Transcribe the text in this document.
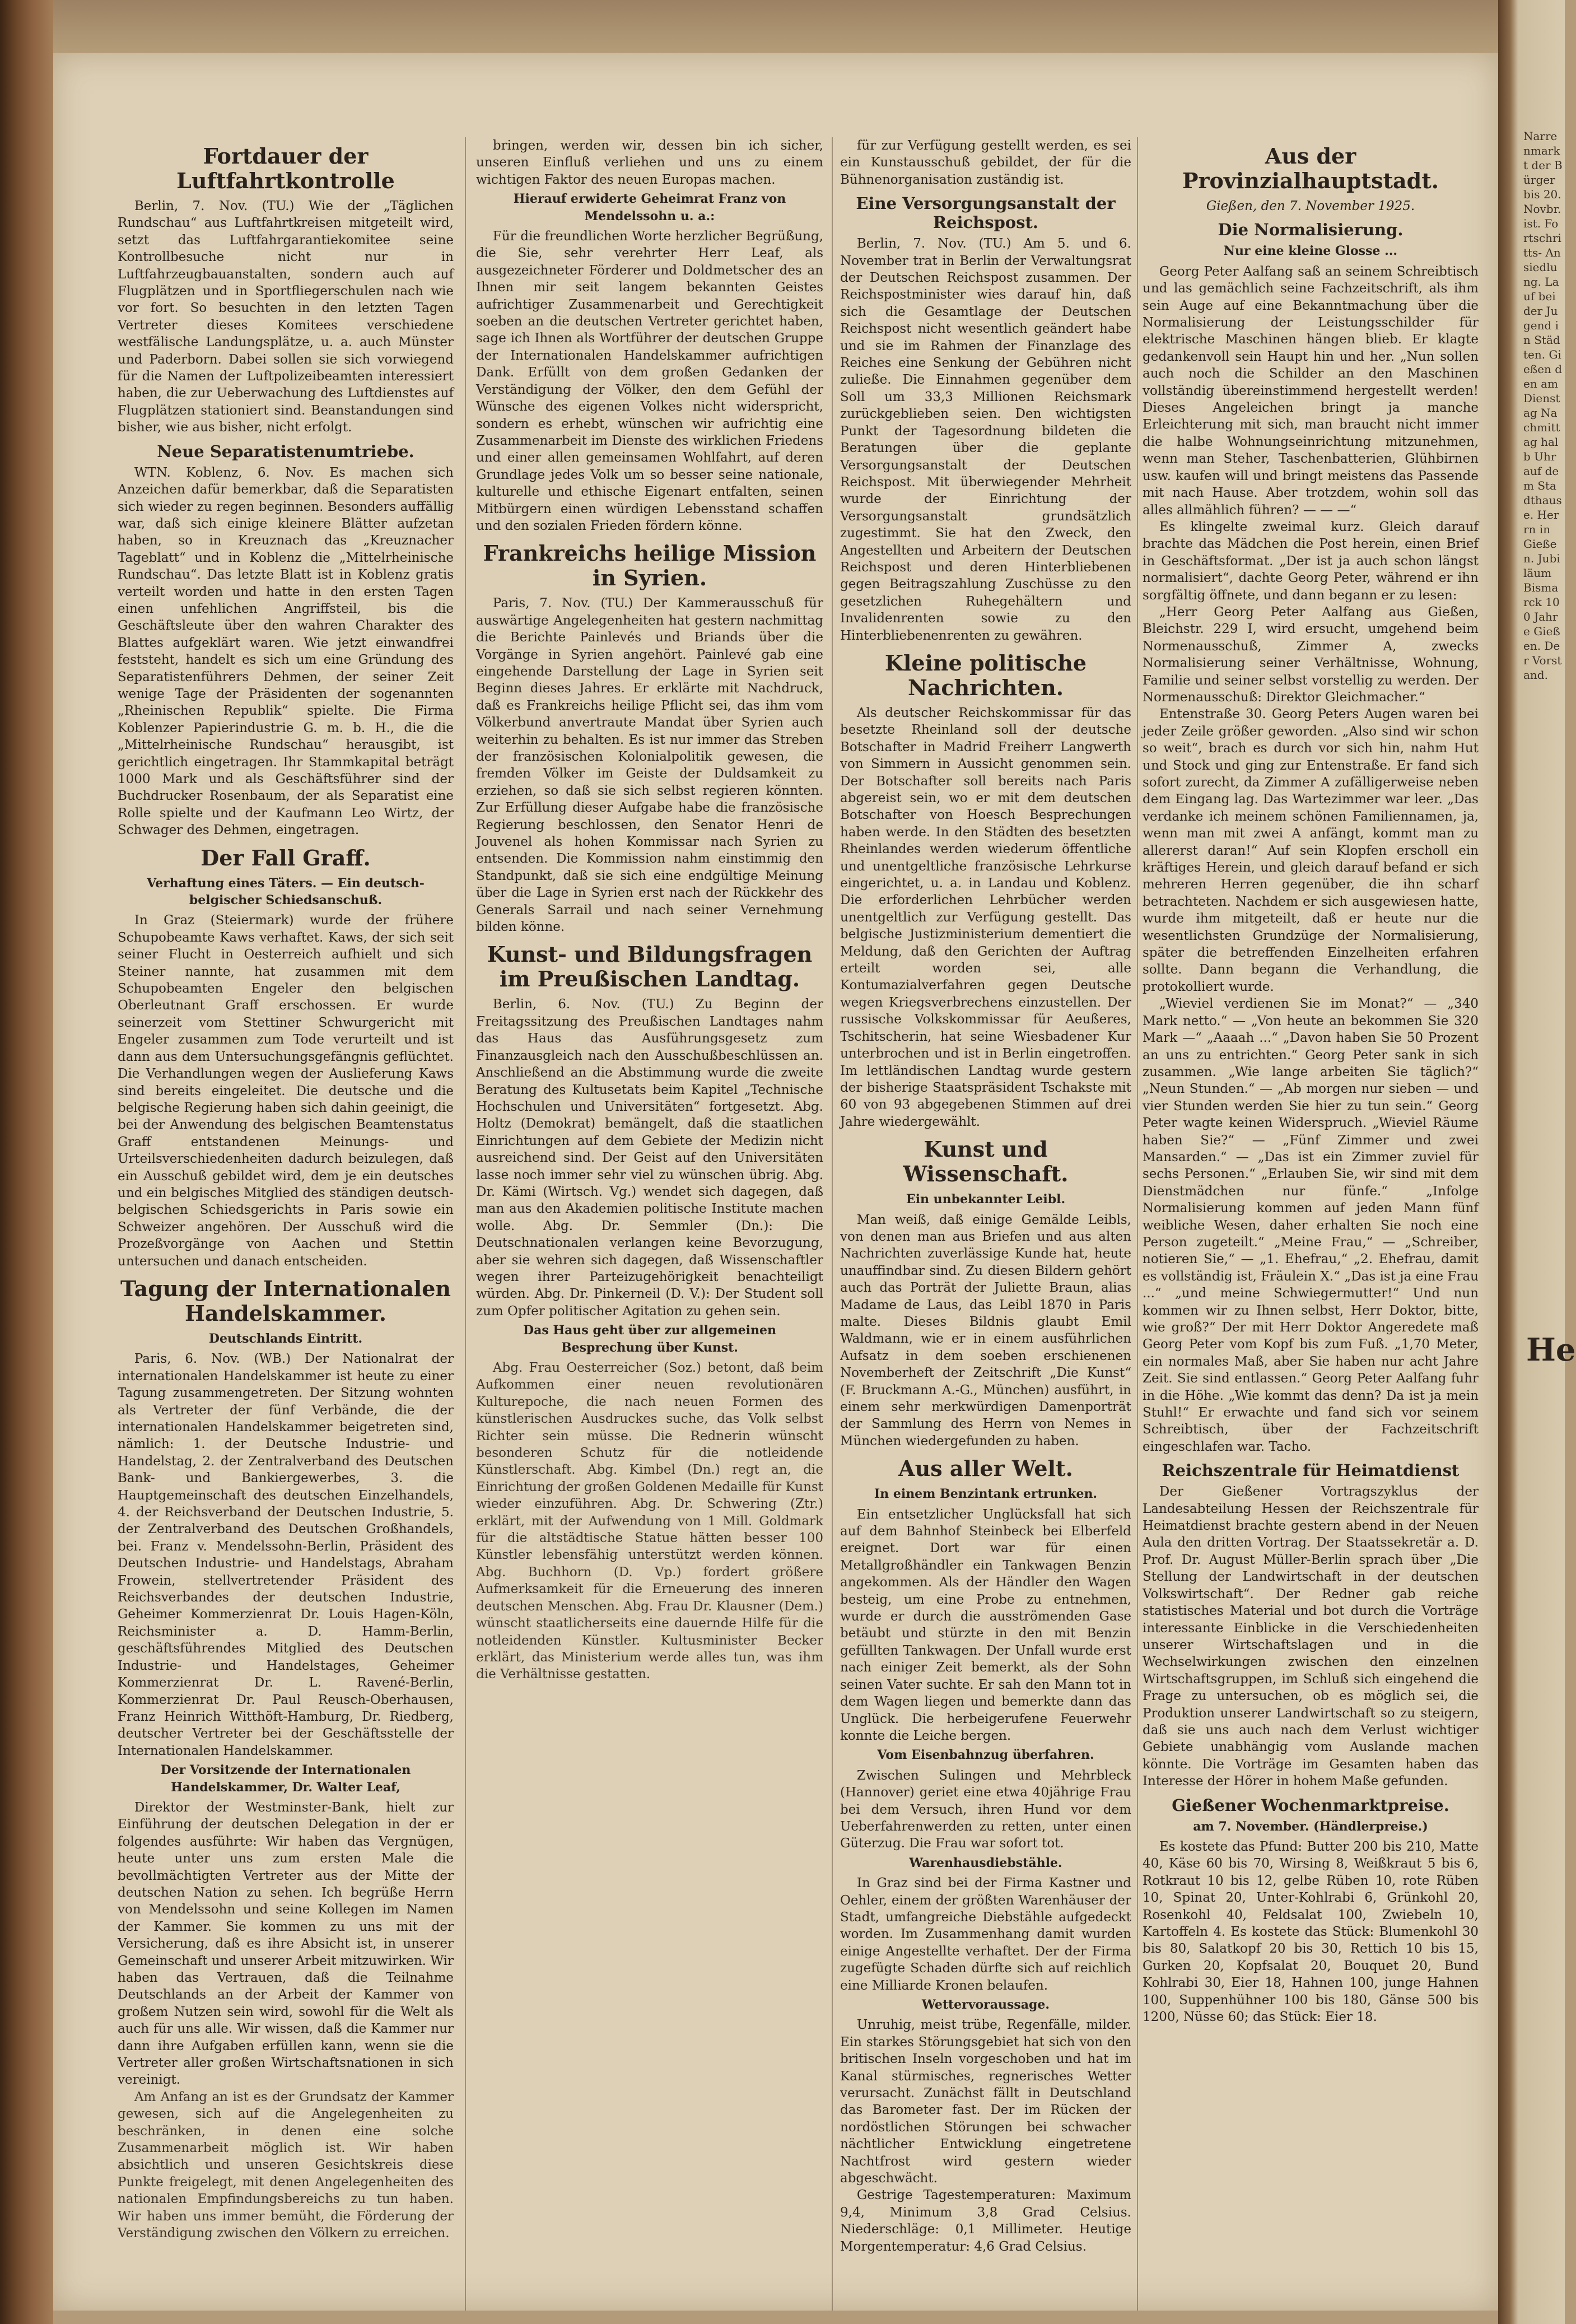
Fortdauer der Luftfahrtkontrolle

Berlin, 7. Nov. (TU.) Wie der „Täglichen Rundschau“ aus Luftfahrtkreisen mitgeteilt wird, setzt das Luftfahrgarantiekomitee seine Kontrollbesuche nicht nur in Luftfahrzeugbauanstalten, sondern auch auf Flugplätzen und in Sportfliegerschulen nach wie vor fort. So besuchten in den letzten Tagen Vertreter dieses Komitees verschiedene westfälische Landungsplätze, u. a. auch Münster und Paderborn. Dabei sollen sie sich vorwiegend für die Namen der Luftpolizeibeamten interessiert haben, die zur Ueberwachung des Luftdienstes auf Flugplätzen stationiert sind. Beanstandungen sind bisher, wie aus bisher, nicht erfolgt.

Neue Separatistenumtriebe.

WTN. Koblenz, 6. Nov. Es machen sich Anzeichen dafür bemerkbar, daß die Separatisten sich wieder zu regen beginnen. Besonders auffällig war, daß sich einige kleinere Blätter aufzetan haben, so in Kreuznach das „Kreuznacher Tageblatt“ und in Koblenz die „Mittelrheinische Rundschau“. Das letzte Blatt ist in Koblenz gratis verteilt worden und hatte in den ersten Tagen einen unfehlichen Angriffsteil, bis die Geschäftsleute über den wahren Charakter des Blattes aufgeklärt waren. Wie jetzt einwandfrei feststeht, handelt es sich um eine Gründung des Separatistenführers Dehmen, der seiner Zeit wenige Tage der Präsidenten der sogenannten „Rheinischen Republik“ spielte. Die Firma Koblenzer Papierindustrie G. m. b. H., die die „Mittelrheinische Rundschau“ herausgibt, ist gerichtlich eingetragen. Ihr Stammkapital beträgt 1000 Mark und als Geschäftsführer sind der Buchdrucker Rosenbaum, der als Separatist eine Rolle spielte und der Kaufmann Leo Wirtz, der Schwager des Dehmen, eingetragen.

Der Fall Graff.
Verhaftung eines Täters. — Ein deutsch-belgischer Schiedsanschuß.

In Graz (Steiermark) wurde der frühere Schupobeamte Kaws verhaftet. Kaws, der sich seit seiner Flucht in Oesterreich aufhielt und sich Steiner nannte, hat zusammen mit dem Schupobeamten Engeler den belgischen Oberleutnant Graff erschossen. Er wurde seinerzeit vom Stettiner Schwurgericht mit Engeler zusammen zum Tode verurteilt und ist dann aus dem Untersuchungsgefängnis geflüchtet. Die Verhandlungen wegen der Auslieferung Kaws sind bereits eingeleitet. Die deutsche und die belgische Regierung haben sich dahin geeinigt, die bei der Anwendung des belgischen Beamtenstatus Graff entstandenen Meinungs- und Urteilsverschiedenheiten dadurch beizulegen, daß ein Ausschuß gebildet wird, dem je ein deutsches und ein belgisches Mitglied des ständigen deutsch-belgischen Schiedsgerichts in Paris sowie ein Schweizer angehören. Der Ausschuß wird die Prozeßvorgänge von Aachen und Stettin untersuchen und danach entscheiden.

Tagung der Internationalen Handelskammer.
Deutschlands Eintritt.

Paris, 6. Nov. (WB.) Der Nationalrat der internationalen Handelskammer ist heute zu einer Tagung zusammengetreten. Der Sitzung wohnten als Vertreter der fünf Verbände, die der internationalen Handelskammer beigetreten sind, nämlich: 1. der Deutsche Industrie- und Handelstag, 2. der Zentralverband des Deutschen Bank- und Bankiergewerbes, 3. die Hauptgemeinschaft des deutschen Einzelhandels, 4. der Reichsverband der Deutschen Industrie, 5. der Zentralverband des Deutschen Großhandels, bei. Franz v. Mendelssohn-Berlin, Präsident des Deutschen Industrie- und Handelstags, Abraham Frowein, stellvertretender Präsident des Reichsverbandes der deutschen Industrie, Geheimer Kommerzienrat Dr. Louis Hagen-Köln, Reichsminister a. D. Hamm-Berlin, geschäftsführendes Mitglied des Deutschen Industrie- und Handelstages, Geheimer Kommerzienrat Dr. L. Ravené-Berlin, Kommerzienrat Dr. Paul Reusch-Oberhausen, Franz Heinrich Witthöft-Hamburg, Dr. Riedberg, deutscher Vertreter bei der Geschäftsstelle der Internationalen Handelskammer.

Der Vorsitzende der Internationalen Handelskammer, Dr. Walter Leaf,

Direktor der Westminster-Bank, hielt zur Einführung der deutschen Delegation in der er folgendes ausführte: Wir haben das Vergnügen, heute unter uns zum ersten Male die bevollmächtigten Vertreter aus der Mitte der deutschen Nation zu sehen. Ich begrüße Herrn von Mendelssohn und seine Kollegen im Namen der Kammer. Sie kommen zu uns mit der Versicherung, daß es ihre Absicht ist, in unserer Gemeinschaft und unserer Arbeit mitzuwirken. Wir haben das Vertrauen, daß die Teilnahme Deutschlands an der Arbeit der Kammer von großem Nutzen sein wird, sowohl für die Welt als auch für uns alle. Wir wissen, daß die Kammer nur dann ihre Aufgaben erfüllen kann, wenn sie die Vertreter aller großen Wirtschaftsnationen in sich vereinigt.

Am Anfang an ist es der Grundsatz der Kammer gewesen, sich auf die Angelegenheiten zu beschränken, in denen eine solche Zusammenarbeit möglich ist. Wir haben absichtlich und unseren Gesichtskreis diese Punkte freigelegt, mit denen Angelegenheiten des nationalen Empfindungsbereichs zu tun haben. Wir haben uns immer bemüht, die Förderung der Verständigung zwischen den Völkern zu erreichen.

bringen, werden wir, dessen bin ich sicher, unseren Einfluß verliehen und uns zu einem wichtigen Faktor des neuen Europas machen.

Hierauf erwiderte Geheimrat Franz von Mendelssohn u. a.:

Für die freundlichen Worte herzlicher Begrüßung, die Sie, sehr verehrter Herr Leaf, als ausgezeichneter Förderer und Doldmetscher des an Ihnen mir seit langem bekannten Geistes aufrichtiger Zusammenarbeit und Gerechtigkeit soeben an die deutschen Vertreter gerichtet haben, sage ich Ihnen als Wortführer der deutschen Gruppe der Internationalen Handelskammer aufrichtigen Dank. Erfüllt von dem großen Gedanken der Verständigung der Völker, den dem Gefühl der Wünsche des eigenen Volkes nicht widerspricht, sondern es erhebt, wünschen wir aufrichtig eine Zusammenarbeit im Dienste des wirklichen Friedens und einer allen gemeinsamen Wohlfahrt, auf deren Grundlage jedes Volk um so besser seine nationale, kulturelle und ethische Eigenart entfalten, seinen Mitbürgern einen würdigen Lebensstand schaffen und den sozialen Frieden fördern könne.

Frankreichs heilige Mission in Syrien.

Paris, 7. Nov. (TU.) Der Kammerausschuß für auswärtige Angelegenheiten hat gestern nachmittag die Berichte Painlevés und Briands über die Vorgänge in Syrien angehört. Painlevé gab eine eingehende Darstellung der Lage in Syrien seit Beginn dieses Jahres. Er erklärte mit Nachdruck, daß es Frankreichs heilige Pflicht sei, das ihm vom Völkerbund anvertraute Mandat über Syrien auch weiterhin zu behalten. Es ist nur immer das Streben der französischen Kolonialpolitik gewesen, die fremden Völker im Geiste der Duldsamkeit zu erziehen, so daß sie sich selbst regieren könnten. Zur Erfüllung dieser Aufgabe habe die französische Regierung beschlossen, den Senator Henri de Jouvenel als hohen Kommissar nach Syrien zu entsenden. Die Kommission nahm einstimmig den Standpunkt, daß sie sich eine endgültige Meinung über die Lage in Syrien erst nach der Rückkehr des Generals Sarrail und nach seiner Vernehmung bilden könne.

Kunst- und Bildungsfragen im Preußischen Landtag.

Berlin, 6. Nov. (TU.) Zu Beginn der Freitagssitzung des Preußischen Landtages nahm das Haus das Ausführungsgesetz zum Finanzausgleich nach den Ausschußbeschlüssen an. Anschließend an die Abstimmung wurde die zweite Beratung des Kultusetats beim Kapitel „Technische Hochschulen und Universitäten“ fortgesetzt. Abg. Holtz (Demokrat) bemängelt, daß die staatlichen Einrichtungen auf dem Gebiete der Medizin nicht ausreichend sind. Der Geist auf den Universitäten lasse noch immer sehr viel zu wünschen übrig. Abg. Dr. Kämi (Wirtsch. Vg.) wendet sich dagegen, daß man aus den Akademien politische Institute machen wolle. Abg. Dr. Semmler (Dn.): Die Deutschnationalen verlangen keine Bevorzugung, aber sie wehren sich dagegen, daß Wissenschaftler wegen ihrer Parteizugehörigkeit benachteiligt würden. Abg. Dr. Pinkerneil (D. V.): Der Student soll zum Opfer politischer Agitation zu gehen sein.

Das Haus geht über zur allgemeinen Besprechung über Kunst.

Abg. Frau Oesterreicher (Soz.) betont, daß beim Aufkommen einer neuen revolutionären Kulturepoche, die nach neuen Formen des künstlerischen Ausdruckes suche, das Volk selbst Richter sein müsse. Die Rednerin wünscht besonderen Schutz für die notleidende Künstlerschaft. Abg. Kimbel (Dn.) regt an, die Einrichtung der großen Goldenen Medaille für Kunst wieder einzuführen. Abg. Dr. Schwering (Ztr.) erklärt, mit der Aufwendung von 1 Mill. Goldmark für die altstädtische Statue hätten besser 100 Künstler lebensfähig unterstützt werden können. Abg. Buchhorn (D. Vp.) fordert größere Aufmerksamkeit für die Erneuerung des inneren deutschen Menschen. Abg. Frau Dr. Klausner (Dem.) wünscht staatlicherseits eine dauernde Hilfe für die notleidenden Künstler. Kultusminister Becker erklärt, das Ministerium werde alles tun, was ihm die Verhältnisse gestatten.

für zur Verfügung gestellt werden, es sei ein Kunstausschuß gebildet, der für die Bühnenorganisation zuständig ist.

Eine Versorgungsanstalt der Reichspost.

Berlin, 7. Nov. (TU.) Am 5. und 6. November trat in Berlin der Verwaltungsrat der Deutschen Reichspost zusammen. Der Reichspostminister wies darauf hin, daß sich die Gesamtlage der Deutschen Reichspost nicht wesentlich geändert habe und sie im Rahmen der Finanzlage des Reiches eine Senkung der Gebühren nicht zuließe. Die Einnahmen gegenüber dem Soll um 33,3 Millionen Reichsmark zurückgeblieben seien. Den wichtigsten Punkt der Tagesordnung bildeten die Beratungen über die geplante Versorgungsanstalt der Deutschen Reichspost. Mit überwiegender Mehrheit wurde der Einrichtung der Versorgungsanstalt grundsätzlich zugestimmt. Sie hat den Zweck, den Angestellten und Arbeitern der Deutschen Reichspost und deren Hinterbliebenen gegen Beitragszahlung Zuschüsse zu den gesetzlichen Ruhegehältern und Invalidenrenten sowie zu den Hinterbliebenenrenten zu gewähren.

Kleine politische Nachrichten.

Als deutscher Reichskommissar für das besetzte Rheinland soll der deutsche Botschafter in Madrid Freiherr Langwerth von Simmern in Aussicht genommen sein. Der Botschafter soll bereits nach Paris abgereist sein, wo er mit dem deutschen Botschafter von Hoesch Besprechungen haben werde. In den Städten des besetzten Rheinlandes werden wiederum öffentliche und unentgeltliche französische Lehrkurse eingerichtet, u. a. in Landau und Koblenz. Die erforderlichen Lehrbücher werden unentgeltlich zur Verfügung gestellt. Das belgische Justizministerium dementiert die Meldung, daß den Gerichten der Auftrag erteilt worden sei, alle Kontumazialverfahren gegen Deutsche wegen Kriegsverbrechens einzustellen. Der russische Volkskommissar für Aeußeres, Tschitscherin, hat seine Wiesbadener Kur unterbrochen und ist in Berlin eingetroffen. Im lettländischen Landtag wurde gestern der bisherige Staatspräsident Tschakste mit 60 von 93 abgegebenen Stimmen auf drei Jahre wiedergewählt.

Kunst und Wissenschaft.
Ein unbekannter Leibl.

Man weiß, daß einige Gemälde Leibls, von denen man aus Briefen und aus alten Nachrichten zuverlässige Kunde hat, heute unauffindbar sind. Zu diesen Bildern gehört auch das Porträt der Juliette Braun, alias Madame de Laus, das Leibl 1870 in Paris malte. Dieses Bildnis glaubt Emil Waldmann, wie er in einem ausführlichen Aufsatz in dem soeben erschienenen Novemberheft der Zeitschrift „Die Kunst“ (F. Bruckmann A.-G., München) ausführt, in einem sehr merkwürdigen Damenporträt der Sammlung des Herrn von Nemes in München wiedergefunden zu haben.

Aus aller Welt.
In einem Benzintank ertrunken.

Ein entsetzlicher Unglücksfall hat sich auf dem Bahnhof Steinbeck bei Elberfeld ereignet. Dort war für einen Metallgroßhändler ein Tankwagen Benzin angekommen. Als der Händler den Wagen besteig, um eine Probe zu entnehmen, wurde er durch die ausströmenden Gase betäubt und stürzte in den mit Benzin gefüllten Tankwagen. Der Unfall wurde erst nach einiger Zeit bemerkt, als der Sohn seinen Vater suchte. Er sah den Mann tot in dem Wagen liegen und bemerkte dann das Unglück. Die herbeigerufene Feuerwehr konnte die Leiche bergen.

Vom Eisenbahnzug überfahren.

Zwischen Sulingen und Mehrbleck (Hannover) geriet eine etwa 40jährige Frau bei dem Versuch, ihren Hund vor dem Ueberfahrenwerden zu retten, unter einen Güterzug. Die Frau war sofort tot.

Warenhausdiebstähle.

In Graz sind bei der Firma Kastner und Oehler, einem der größten Warenhäuser der Stadt, umfangreiche Diebstähle aufgedeckt worden. Im Zusammenhang damit wurden einige Angestellte verhaftet. Der der Firma zugefügte Schaden dürfte sich auf reichlich eine Milliarde Kronen belaufen.

Wettervoraussage.

Unruhig, meist trübe, Regenfälle, milder. Ein starkes Störungsgebiet hat sich von den britischen Inseln vorgeschoben und hat im Kanal stürmisches, regnerisches Wetter verursacht. Zunächst fällt in Deutschland das Barometer fast. Der im Rücken der nordöstlichen Störungen bei schwacher nächtlicher Entwicklung eingetretene Nachtfrost wird gestern wieder abgeschwächt.

Gestrige Tagestemperaturen: Maximum 9,4, Minimum 3,8 Grad Celsius. Niederschläge: 0,1 Millimeter. Heutige Morgentemperatur: 4,6 Grad Celsius.

Aus der Provinzialhauptstadt.
Gießen, den 7. November 1925.
Die Normalisierung.
Nur eine kleine Glosse ...

Georg Peter Aalfang saß an seinem Schreibtisch und las gemächlich seine Fachzeitschrift, als ihm sein Auge auf eine Bekanntmachung über die Normalisierung der Leistungsschilder für elektrische Maschinen hängen blieb. Er klagte gedankenvoll sein Haupt hin und her. „Nun sollen auch noch die Schilder an den Maschinen vollständig übereinstimmend hergestellt werden! Dieses Angeleichen bringt ja manche Erleichterung mit sich, man braucht nicht immer die halbe Wohnungseinrichtung mitzunehmen, wenn man Steher, Taschenbatterien, Glühbirnen usw. kaufen will und bringt meistens das Passende mit nach Hause. Aber trotzdem, wohin soll das alles allmählich führen? — — —“

Es klingelte zweimal kurz. Gleich darauf brachte das Mädchen die Post herein, einen Brief in Geschäftsformat. „Der ist ja auch schon längst normalisiert“, dachte Georg Peter, während er ihn sorgfältig öffnete, und dann begann er zu lesen:

„Herr Georg Peter Aalfang aus Gießen, Bleichstr. 229 I, wird ersucht, umgehend beim Normenausschuß, Zimmer A, zwecks Normalisierung seiner Verhältnisse, Wohnung, Familie und seiner selbst vorstellig zu werden. Der Normenausschuß: Direktor Gleichmacher.“

Entenstraße 30. Georg Peters Augen waren bei jeder Zeile größer geworden. „Also sind wir schon so weit“, brach es durch vor sich hin, nahm Hut und Stock und ging zur Entenstraße. Er fand sich sofort zurecht, da Zimmer A zufälligerweise neben dem Eingang lag. Das Wartezimmer war leer. „Das verdanke ich meinem schönen Familiennamen, ja, wenn man mit zwei A anfängt, kommt man zu allererst daran!“ Auf sein Klopfen erscholl ein kräftiges Herein, und gleich darauf befand er sich mehreren Herren gegenüber, die ihn scharf betrachteten. Nachdem er sich ausgewiesen hatte, wurde ihm mitgeteilt, daß er heute nur die wesentlichsten Grundzüge der Normalisierung, später die betreffenden Einzelheiten erfahren sollte. Dann begann die Verhandlung, die protokolliert wurde.

„Wieviel verdienen Sie im Monat?“ — „340 Mark netto.“ — „Von heute an bekommen Sie 320 Mark —“ „Aaaah ...“ „Davon haben Sie 50 Prozent an uns zu entrichten.“ Georg Peter sank in sich zusammen. „Wie lange arbeiten Sie täglich?“ „Neun Stunden.“ — „Ab morgen nur sieben — und vier Stunden werden Sie hier zu tun sein.“ Georg Peter wagte keinen Widerspruch. „Wieviel Räume haben Sie?“ — „Fünf Zimmer und zwei Mansarden.“ — „Das ist ein Zimmer zuviel für sechs Personen.“ „Erlauben Sie, wir sind mit dem Dienstmädchen nur fünfe.“ „Infolge Normalisierung kommen auf jeden Mann fünf weibliche Wesen, daher erhalten Sie noch eine Person zugeteilt.“ „Meine Frau,“ — „Schreiber, notieren Sie,“ — „1. Ehefrau,“ „2. Ehefrau, damit es vollständig ist, Fräulein X.“ „Das ist ja eine Frau ...“ „und meine Schwiegermutter!“ Und nun kommen wir zu Ihnen selbst, Herr Doktor, bitte, wie groß?“ Der mit Herr Doktor Angeredete maß Georg Peter vom Kopf bis zum Fuß. „1,70 Meter, ein normales Maß, aber Sie haben nur acht Jahre Zeit. Sie sind entlassen.“ Georg Peter Aalfang fuhr in die Höhe. „Wie kommt das denn? Da ist ja mein Stuhl!“ Er erwachte und fand sich vor seinem Schreibtisch, über der Fachzeitschrift eingeschlafen war. Tacho.

Reichszentrale für Heimatdienst

Der Gießener Vortragszyklus der Landesabteilung Hessen der Reichszentrale für Heimatdienst brachte gestern abend in der Neuen Aula den dritten Vortrag. Der Staatssekretär a. D. Prof. Dr. August Müller-Berlin sprach über „Die Stellung der Landwirtschaft in der deutschen Volkswirtschaft“. Der Redner gab reiche statistisches Material und bot durch die Vorträge interessante Einblicke in die Verschiedenheiten unserer Wirtschaftslagen und in die Wechselwirkungen zwischen den einzelnen Wirtschaftsgruppen, im Schluß sich eingehend die Frage zu untersuchen, ob es möglich sei, die Produktion unserer Landwirtschaft so zu steigern, daß sie uns auch nach dem Verlust wichtiger Gebiete unabhängig vom Auslande machen könnte. Die Vorträge im Gesamten haben das Interesse der Hörer in hohem Maße gefunden.

Gießener Wochenmarktpreise.
am 7. November. (Händlerpreise.)

Es kostete das Pfund: Butter 200 bis 210, Matte 40, Käse 60 bis 70, Wirsing 8, Weißkraut 5 bis 6, Rotkraut 10 bis 12, gelbe Rüben 10, rote Rüben 10, Spinat 20, Unter-Kohlrabi 6, Grünkohl 20, Rosenkohl 40, Feldsalat 100, Zwiebeln 10, Kartoffeln 4. Es kostete das Stück: Blumenkohl 30 bis 80, Salatkopf 20 bis 30, Rettich 10 bis 15, Gurken 20, Kopfsalat 20, Bouquet 20, Bund Kohlrabi 30, Eier 18, Hahnen 100, junge Hahnen 100, Suppenhühner 100 bis 180, Gänse 500 bis 1200, Nüsse 60; das Stück: Eier 18.

Narrenmarkt der Bürger bis 20. Novbr. ist. Fortschritts- Ansiedlung. Lauf bei der Jugend in Städten. Gießen den am Dienstag Nachmittag halb Uhr auf dem Stadthause. Herrn in Gießen. Jubiläum Bismarck 100 Jahre Gießen. Der Vorstand.
He
